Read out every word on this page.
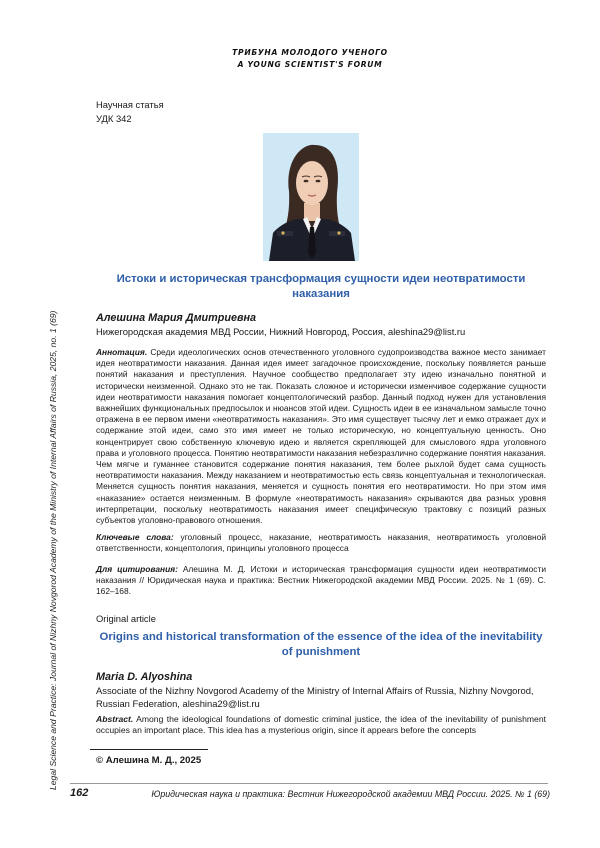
ТРИБУНА МОЛОДОГО УЧЕНОГО
A YOUNG SCIENTIST'S FORUM
Legal Science and Practice: Journal of Nizhny Novgorod Academy of the Ministry of Internal Affairs of Russia, 2025, no. 1 (69)
Научная статья
УДК 342
Истоки и историческая трансформация сущности идеи неотвратимости наказания
Алешина Мария Дмитриевна
Нижегородская академия МВД России, Нижний Новгород, Россия, aleshina29@list.ru
Аннотация. Среди идеологических основ отечественного уголовного судопроизводства важное место занимает идея неотвратимости наказания. Данная идея имеет загадочное происхождение, поскольку появляется раньше понятий наказания и преступления. Научное сообщество предполагает эту идею изначально понятной и исторически неизменной. Однако это не так. Показать сложное и исторически изменчивое содержание сущности идеи неотвратимости наказания помогает концептологический разбор. Данный подход нужен для установления важнейших функциональных предпосылок и нюансов этой идеи. Сущность идеи в ее изначальном замысле точно отражена в ее первом имени «неотвратимость наказания». Это имя существует тысячу лет и емко отражает дух и содержание этой идеи, само это имя имеет не только историческую, но концептуальную ценность. Оно концентрирует свою собственную ключевую идею и является скрепляющей для смыслового ядра уголовного права и уголовного процесса. Понятию неотвратимости наказания небезразлично содержание понятия наказания. Чем мягче и гуманнее становится содержание понятия наказания, тем более рыхлой будет сама сущность неотвратимости наказания. Между наказанием и неотвратимостью есть связь концептуальная и технологическая. Меняется сущность понятия наказания, меняется и сущность понятия его неотвратимости. Но при этом имя «наказание» остается неизменным. В формуле «неотвратимость наказания» скрываются два разных уровня интерпретации, поскольку неотвратимость наказания имеет специфическую трактовку с позиций разных субъектов уголовно-правового отношения.
Ключевые слова: уголовный процесс, наказание, неотвратимость наказания, неотвратимость уголовной ответственности, концептология, принципы уголовного процесса
Для цитирования: Алешина М. Д. Истоки и историческая трансформация сущности идеи неотвратимости наказания // Юридическая наука и практика: Вестник Нижегородской академии МВД России. 2025. № 1 (69). С. 162–168.
Original article
Origins and historical transformation of the essence of the idea of the inevitability of punishment
Maria D. Alyoshina
Associate of the Nizhny Novgorod Academy of the Ministry of Internal Affairs of Russia, Nizhny Novgorod, Russian Federation, aleshina29@list.ru
Abstract. Among the ideological foundations of domestic criminal justice, the idea of the inevitability of punishment occupies an important place. This idea has a mysterious origin, since it appears before the concepts
© Алешина М. Д., 2025
162	Юридическая наука и практика: Вестник Нижегородской академии МВД России. 2025. № 1 (69)
